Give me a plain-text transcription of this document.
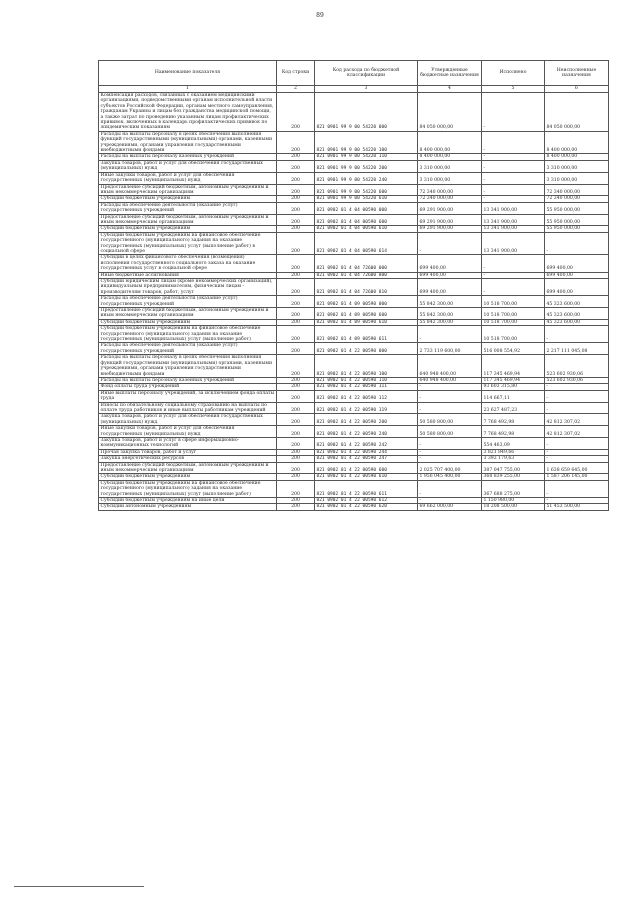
89
Наименование показателя	Код строки	Код расхода по бюджетной классификации	Утвержденные бюджетные назначения	Исполнено	Неисполненные назначения
1	2	3	4	5	6
Компенсация расходов, связанных с оказанием медицинскими организациями, подведомственными органам исполнительной власти субъектов Российской Федерации, органам местного самоуправления, гражданам Украины и лицам без гражданства медицинской помощи, а также затрат по проведению указанным лицам профилактических прививок, включенных в календарь профилактических прививок по эпидемическим показаниям	200	821 0901 99 9 00 54220 000	84 050 000,00	-	84 050 000,00
Расходы на выплаты персоналу в целях обеспечения выполнения функций государственными (муниципальными) органами, казенными учреждениями, органами управления государственными внебюджетными фондами	200	821 0901 99 9 00 54220 100	8 400 000,00	-	8 400 000,00
Расходы на выплаты персоналу казенных учреждений	200	821 0901 99 9 00 54220 110	8 400 000,00	-	8 400 000,00
Закупка товаров, работ и услуг для обеспечения государственных (муниципальных) нужд	200	821 0901 99 9 00 54220 200	3 310 000,00	-	3 310 000,00
Иные закупки товаров, работ и услуг для обеспечения государственных (муниципальных) нужд	200	821 0901 99 9 00 54220 240	3 310 000,00	-	3 310 000,00
Предоставление субсидий бюджетным, автономным учреждениям и иным некоммерческим организациям	200	821 0901 99 9 00 54220 600	72 340 000,00	-	72 340 000,00
Субсидии бюджетным учреждениям	200	821 0901 99 9 00 54220 610	72 340 000,00	-	72 340 000,00
Расходы на обеспечение деятельности (оказание услуг) государственных учреждений	200	821 0902 01 4 04 00590 000	69 291 900,00	13 341 900,00	55 950 000,00
Предоставление субсидий бюджетным, автономным учреждениям и иным некоммерческим организациям	200	821 0902 01 4 04 00590 600	69 291 900,00	13 341 900,00	55 950 000,00
Субсидии бюджетным учреждениям	200	821 0902 01 4 04 00590 610	69 291 900,00	13 341 900,00	55 950 000,00
Субсидии бюджетным учреждениям на финансовое обеспечение государственного (муниципального) задания на оказание государственных (муниципальных) услуг (выполнение работ) в социальной сфере	200	821 0902 01 4 04 00590 614	-	13 341 900,00	-
Субсидии в целях финансового обеспечения (возмещения) исполнения государственного социального заказа на оказание государственных услуг в социальной сфере	200	821 0902 01 4 04 72600 000	699 400,00	-	699 400,00
Иные бюджетные ассигнования	200	821 0902 01 4 04 72600 800	699 400,00	-	699 400,00
Субсидии юридическим лицам (кроме некоммерческих организаций), индивидуальным предпринимателям, физическим лицам - производителям товаров, работ, услуг	200	821 0902 01 4 04 72600 810	699 400,00	-	699 400,00
Расходы на обеспечение деятельности (оказание услуг) государственных учреждений	200	821 0902 01 4 09 00590 000	55 842 300,00	10 518 700,00	45 323 600,00
Предоставление субсидий бюджетным, автономным учреждениям и иным некоммерческим организациям	200	821 0902 01 4 09 00590 600	55 842 300,00	10 518 700,00	45 323 600,00
Субсидии бюджетным учреждениям	200	821 0902 01 4 09 00590 610	55 842 300,00	10 518 700,00	45 323 600,00
Субсидии бюджетным учреждениям на финансовое обеспечение государственного (муниципального) задания на оказание государственных (муниципальных) услуг (выполнение работ)	200	821 0902 01 4 09 00590 611	-	10 518 700,00	-
Расходы на обеспечение деятельности (оказание услуг) государственных учреждений	200	821 0902 01 4 22 00590 000	2 733 119 600,00	516 008 554,92	2 217 111 045,08
Расходы на выплаты персоналу в целях обеспечения выполнения функций государственными (муниципальными) органами, казенными учреждениями, органами управления государственными внебюджетными фондами	200	821 0902 01 4 22 00590 100	640 948 400,00	117 345 469,94	523 602 930,06
Расходы на выплаты персоналу казенных учреждений	200	821 0902 01 4 22 00590 110	640 948 400,00	117 345 469,94	523 602 930,06
Фонд оплаты труда учреждений	200	821 0902 01 4 22 00590 111	-	93 603 315,80	-
Иные выплаты персоналу учреждений, за исключением фонда оплаты труда	200	821 0902 01 4 22 00590 112	-	114 667,11	-
Взносы по обязательному социальному страхованию на выплаты по оплате труда работников и иные выплаты работникам учреждений	200	821 0902 01 4 22 00590 119	-	23 627 487,23	-
Закупка товаров, работ и услуг для обеспечения государственных (муниципальных) нужд	200	821 0902 01 4 22 00590 200	50 580 800,00	7 768 492,98	42 812 307,02
Иные закупки товаров, работ и услуг для обеспечения государственных (муниципальных) нужд	200	821 0902 01 4 22 00590 240	50 580 800,00	7 768 492,98	42 812 307,02
Закупка товаров, работ и услуг в сфере информационно-коммуникационных технологий	200	821 0902 01 4 22 00590 242	-	554 463,09	-
Прочая закупка товаров, работ и услуг	200	821 0902 01 4 22 00590 244	-	3 821 849,66	-
Закупка энергетических ресурсов	200	821 0902 01 4 22 00590 247	-	3 392 179,63	-
Предоставление субсидий бюджетным, автономным учреждениям и иным некоммерческим организациям	200	821 0902 01 4 22 00590 600	2 025 707 400,00	387 047 755,00	1 638 659 645,00
Субсидии бюджетным учреждениям	200	821 0902 01 4 22 00590 610	1 956 045 400,00	368 839 255,00	1 587 206 145,00
Субсидии бюджетным учреждениям на финансовое обеспечение государственного (муниципального) задания на оказание государственных (муниципальных) услуг (выполнение работ)	200	821 0902 01 4 22 00590 611	-	367 688 275,00	-
Субсидии бюджетным учреждениям на иные цели	200	821 0902 01 4 22 00590 612	-	1 150 980,00	-
Субсидии автономным учреждениям	200	821 0902 01 4 22 00590 620	69 662 000,00	18 208 500,00	51 453 500,00
